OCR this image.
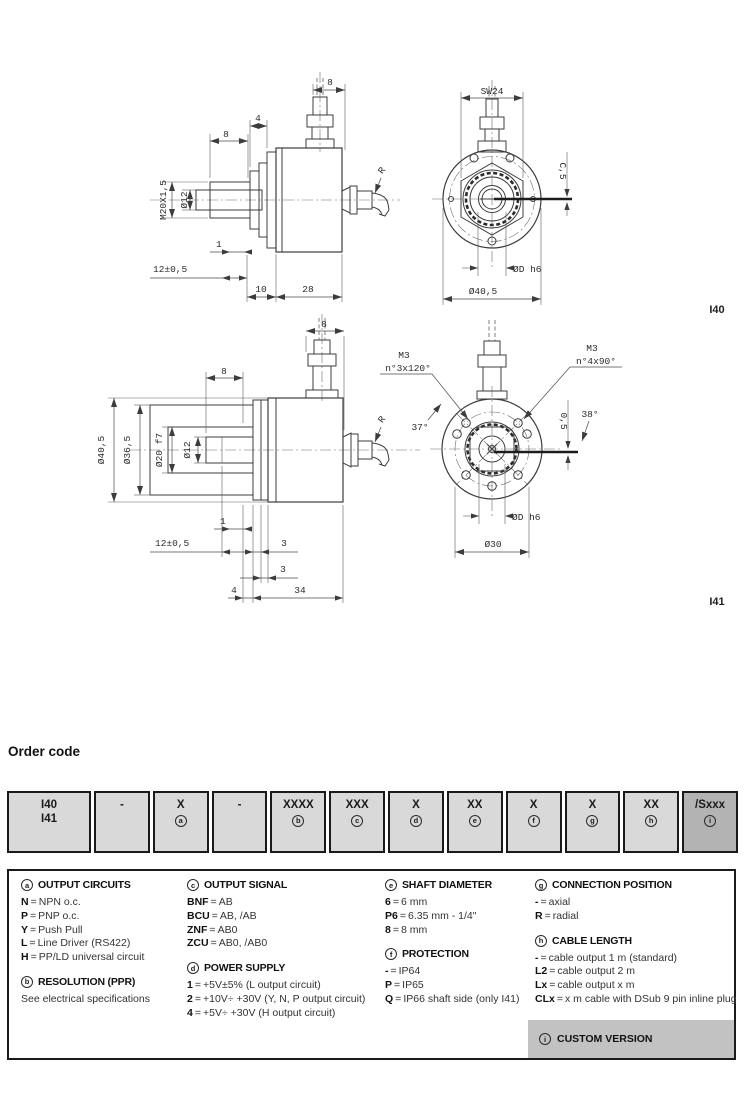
R
8
4
8
M20X1,5 Ø12
12±0,5
1
10	28
SW24
C,5
ØD h6
Ø40,5
I40
R
8
8
Ø40,5 Ø36,5 Ø20 f7 Ø12
1
12±0,5	3
3
4	34
M3
n°3x120°
M3
n°4x90°
37°
38°
0,5
ØD h6
Ø30
I41
Order code
I40
I41
-	X
a
-	XXXX
b
XXX
c
X
d
XX
e
X
f
X
g
XX
h
/Sxxx
i
a OUTPUT CIRCUITS
N = NPN o.c.
P = PNP o.c.
Y = Push Pull
L = Line Driver (RS422)
H = PP/LD universal circuit
b RESOLUTION (PPR)
See electrical specifications
c OUTPUT SIGNAL
BNF = AB
BCU = AB, /AB
ZNF = AB0
ZCU = AB0, /AB0
d POWER SUPPLY
1 = +5V±5% (L output circuit)
2 = +10V÷ +30V (Y, N, P output circuit)
4 = +5V÷ +30V (H output circuit)
e SHAFT DIAMETER
6 = 6 mm
P6 = 6.35 mm - 1/4"
8 = 8 mm
f PROTECTION
- = IP64
P = IP65
Q = IP66 shaft side (only I41)
g CONNECTION POSITION
- = axial
R = radial
h CABLE LENGTH
- = cable output 1 m (standard)
L2 = cable output 2 m
Lx = cable output x m
CLx = x m cable with DSub 9 pin inline plug
i	CUSTOM VERSION
